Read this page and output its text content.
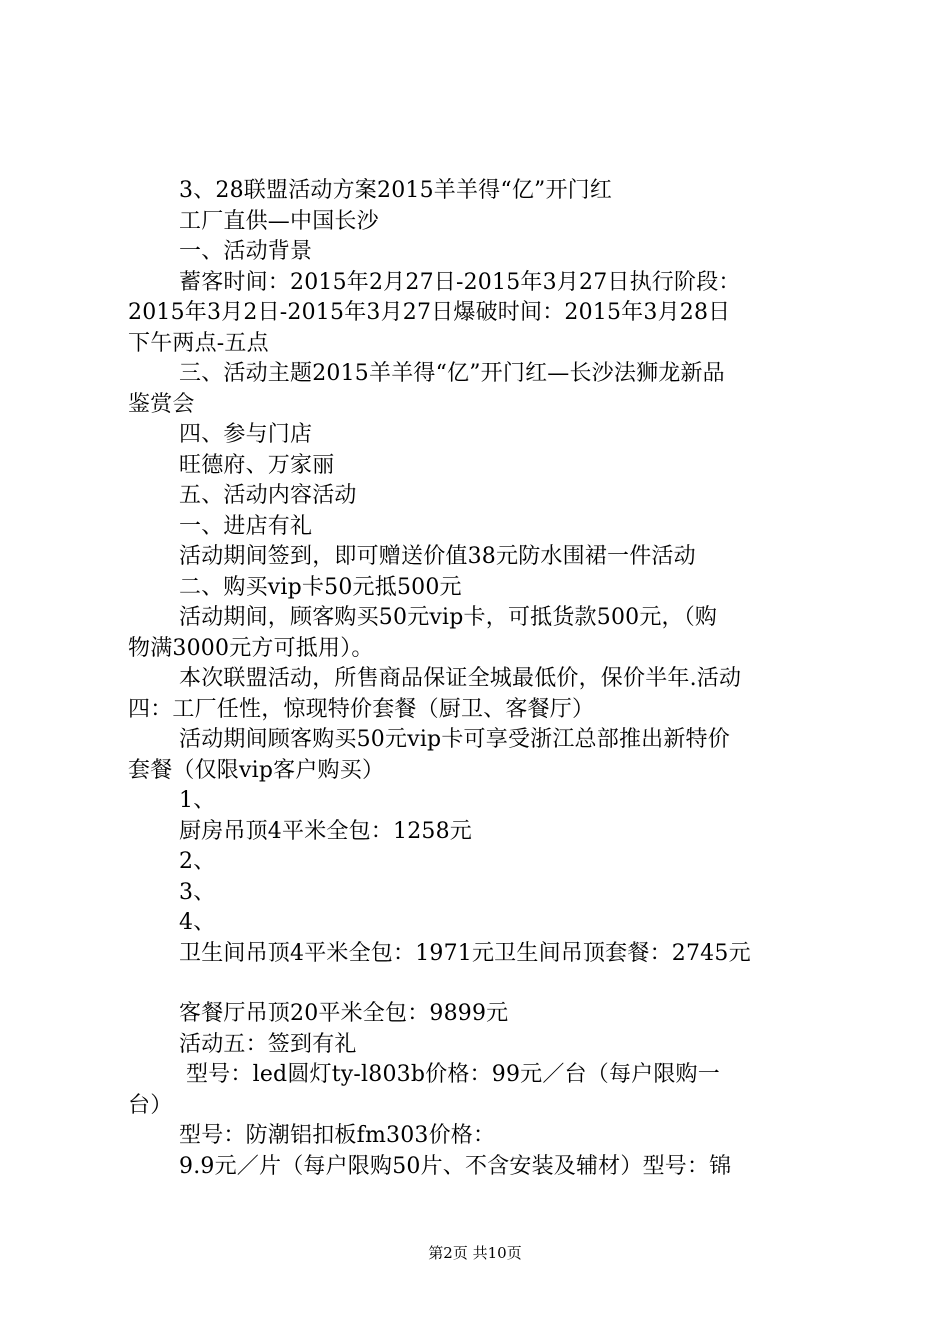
3、28联盟活动方案2015羊羊得“亿”开门红
工厂直供—中国长沙
一、活动背景
蓄客时间：2015年2月27日-2015年3月27日执行阶段：
2015年3月2日-2015年3月27日爆破时间：2015年3月28日
下午两点-五点
三、活动主题2015羊羊得“亿”开门红—长沙法狮龙新品
鉴赏会
四、参与门店
旺德府、万家丽
五、活动内容活动
一、进店有礼
活动期间签到，即可赠送价值38元防水围裙一件活动
二、购买vip卡50元抵500元
活动期间，顾客购买50元vip卡，可抵货款500元，（购
物满3000元方可抵用）。
本次联盟活动，所售商品保证全城最低价，保价半年.活动
四：工厂任性，惊现特价套餐（厨卫、客餐厅）
活动期间顾客购买50元vip卡可享受浙江总部推出新特价
套餐（仅限vip客户购买）
1、
厨房吊顶4平米全包：1258元
2、
3、
4、
卫生间吊顶4平米全包：1971元卫生间吊顶套餐：2745元
客餐厅吊顶20平米全包：9899元
活动五：签到有礼
型号：led圆灯ty-l803b价格：99元／台（每户限购一
台）
型号：防潮铝扣板fm303价格：
9.9元／片（每户限购50片、不含安装及辅材）型号：锦
第2页 共10页
